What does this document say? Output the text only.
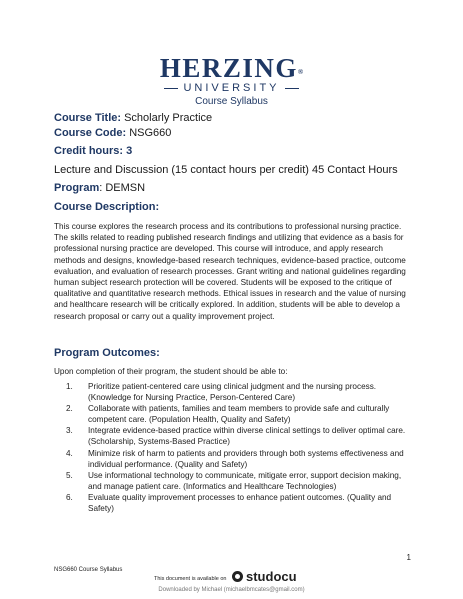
HERZING®
UNIVERSITY
Course Syllabus
Course Title: Scholarly Practice
Course Code: NSG660
Credit hours: 3
Lecture and Discussion (15 contact hours per credit) 45 Contact Hours
Program: DEMSN
Course Description:
This course explores the research process and its contributions to professional nursing practice. The skills related to reading published research findings and utilizing that evidence as a basis for professional nursing practice are developed. This course will introduce, and apply research methods and designs, knowledge-based research techniques, evidence-based practice, outcome evaluation, and evaluation of research processes. Grant writing and national guidelines regarding human subject research protection will be covered. Students will be exposed to the critique of qualitative and quantitative research methods. Ethical issues in research and the value of nursing and healthcare research will be critically explored. In addition, students will be able to develop a research proposal or carry out a quality improvement project.
Program Outcomes:
Upon completion of their program, the student should be able to:
1. Prioritize patient-centered care using clinical judgment and the nursing process. (Knowledge for Nursing Practice, Person-Centered Care)
2. Collaborate with patients, families and team members to provide safe and culturally competent care. (Population Health, Quality and Safety)
3. Integrate evidence-based practice within diverse clinical settings to deliver optimal care. (Scholarship, Systems-Based Practice)
4. Minimize risk of harm to patients and providers through both systems effectiveness and individual performance. (Quality and Safety)
5. Use informational technology to communicate, mitigate error, support decision making, and manage patient care. (Informatics and Healthcare Technologies)
6. Evaluate quality improvement processes to enhance patient outcomes. (Quality and Safety)
1
NSG660 Course Syllabus
This document is available on studocu
Downloaded by Michael (michaelbmcates@gmail.com)
